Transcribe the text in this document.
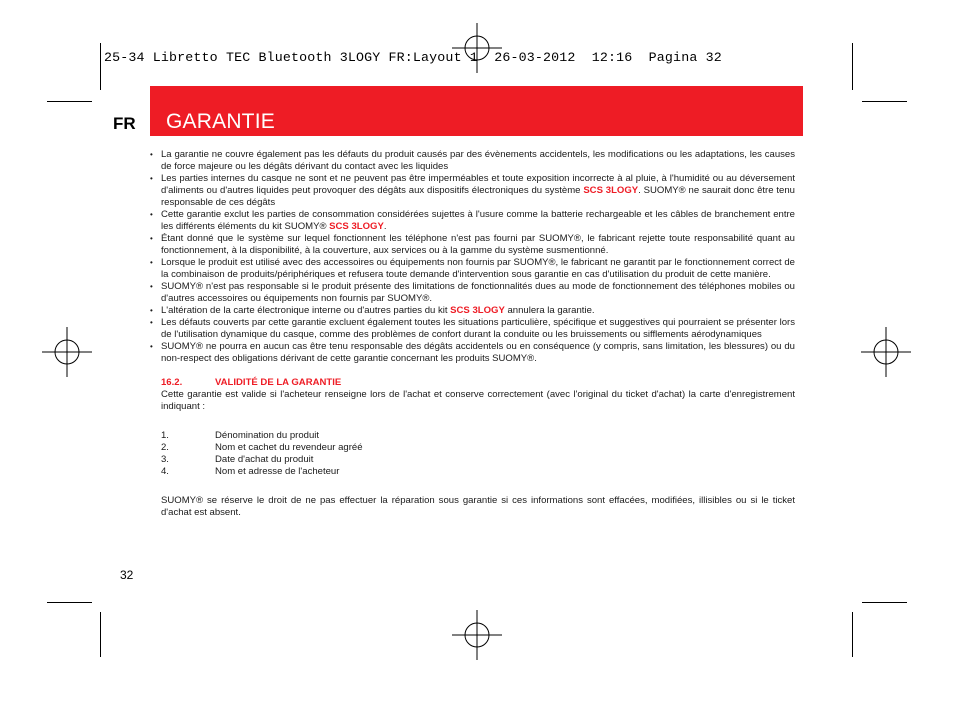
25-34 Libretto TEC Bluetooth 3LOGY FR:Layout 1  26-03-2012  12:16  Pagina 32
FR GARANTIE
• La garantie ne couvre également pas les défauts du produit causés par des évènements accidentels, les modifications ou les adaptations, les causes de force majeure ou les dégâts dérivant du contact avec les liquides
• Les parties internes du casque ne sont et ne peuvent pas être imperméables et toute exposition incorrecte à al pluie, à l'humidité ou au déversement d'aliments ou d'autres liquides peut provoquer des dégâts aux dispositifs électroniques du système SCS 3LOGY. SUOMY® ne saurait donc être tenu responsable de ces dégâts
• Cette garantie exclut les parties de consommation considérées sujettes à l'usure comme la batterie rechargeable et les câbles de branchement entre les différents éléments du kit SUOMY® SCS 3LOGY.
• Étant donné que le système sur lequel fonctionnent les téléphone n'est pas fourni par SUOMY®, le fabricant rejette toute responsabilité quant au fonctionnement, à la disponibilité, à la couverture, aux services ou à la gamme du système susmentionné.
• Lorsque le produit est utilisé avec des accessoires ou équipements non fournis par SUOMY®, le fabricant ne garantit par le fonctionnement correct de la combinaison de produits/périphériques et refusera toute demande d'intervention sous garantie en cas d'utilisation du produit de cette manière.
• SUOMY® n'est pas responsable si le produit présente des limitations de fonctionnalités dues au mode de fonctionnement des téléphones mobiles ou d'autres accessoires ou équipements non fournis par SUOMY®.
• L'altération de la carte électronique interne ou d'autres parties du kit SCS 3LOGY annulera la garantie.
• Les défauts couverts par cette garantie excluent également toutes les situations particulière, spécifique et suggestives qui pourraient se présenter lors de l'utilisation dynamique du casque, comme des problèmes de confort durant la conduite ou les bruissements ou sifflements aérodynamiques
• SUOMY® ne pourra en aucun cas être tenu responsable des dégâts accidentels ou en conséquence (y compris, sans limitation, les blessures) ou du non-respect des obligations dérivant de cette garantie concernant les produits SUOMY®.
16.2.	VALIDITÉ DE LA GARANTIE
Cette garantie est valide si l'acheteur renseigne lors de l'achat et conserve correctement (avec l'original du ticket d'achat) la carte d'enregistrement indiquant :
1.	Dénomination du produit
2.	Nom et cachet du revendeur agréé
3.	Date d'achat du produit
4.	Nom et adresse de l'acheteur
SUOMY® se réserve le droit de ne pas effectuer la réparation sous garantie si ces informations sont effacées, modifiées, illisibles ou si le ticket d'achat est absent.
32
